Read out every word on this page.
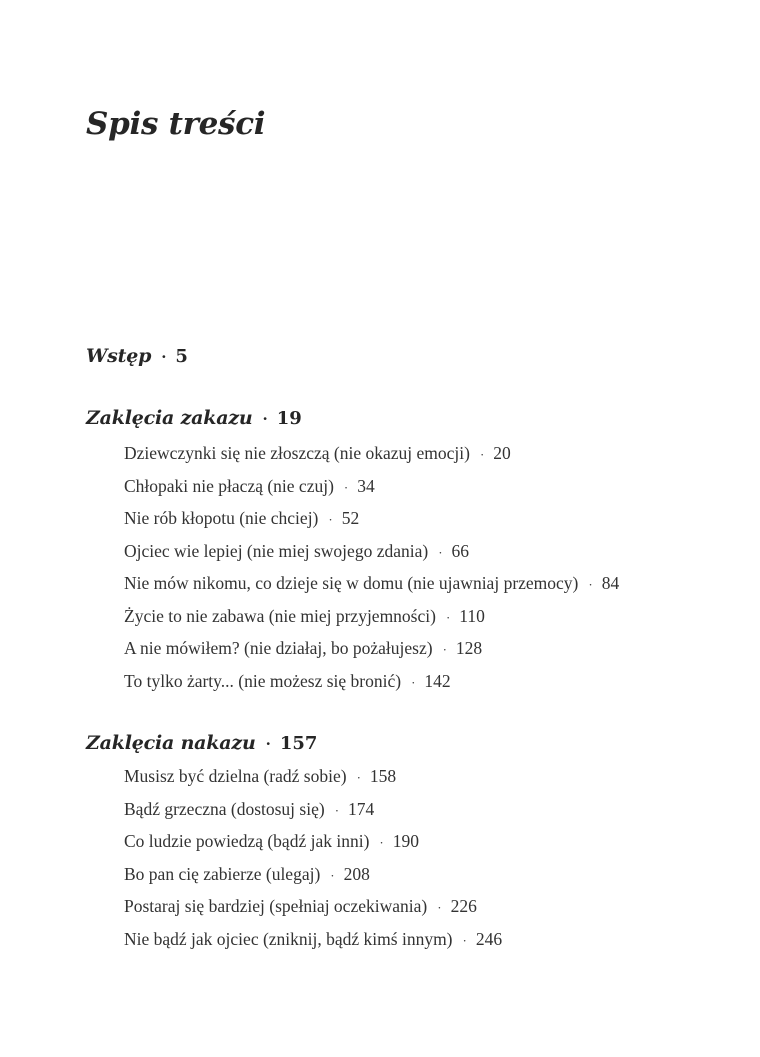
Spis treści
Wstęp · 5
Zaklęcia zakazu · 19
Dziewczynki się nie złoszczą (nie okazuj emocji) · 20
Chłopaki nie płaczą (nie czuj) · 34
Nie rób kłopotu (nie chciej) · 52
Ojciec wie lepiej (nie miej swojego zdania) · 66
Nie mów nikomu, co dzieje się w domu (nie ujawniaj przemocy) · 84
Życie to nie zabawa (nie miej przyjemności) · 110
A nie mówiłem? (nie działaj, bo pożałujesz) · 128
To tylko żarty... (nie możesz się bronić) · 142
Zaklęcia nakazu · 157
Musisz być dzielna (radź sobie) · 158
Bądź grzeczna (dostosuj się) · 174
Co ludzie powiedzą (bądź jak inni) · 190
Bo pan cię zabierze (ulegaj) · 208
Postaraj się bardziej (spełniaj oczekiwania) · 226
Nie bądź jak ojciec (zniknij, bądź kimś innym) · 246
